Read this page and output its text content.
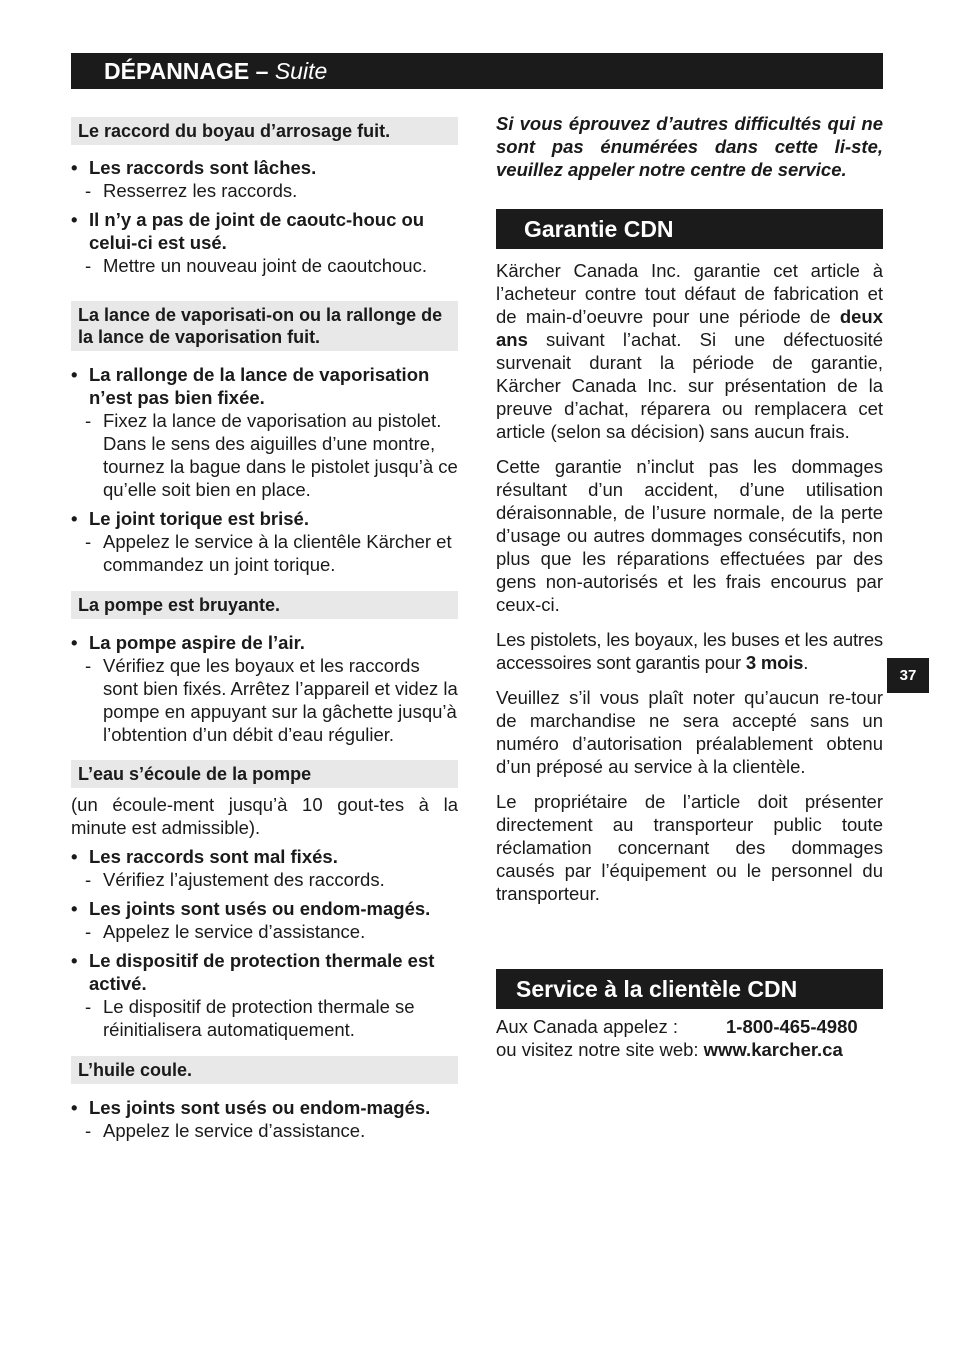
DÉPANNAGE – Suite
Le raccord du boyau d’arrosage fuit.
• Les raccords sont lâches.
- Resserrez les raccords.
• Il n’y a pas de joint de caoutc-houc ou celui-ci est usé.
- Mettre un nouveau joint de caoutchouc.
La lance de vaporisati-on ou la rallonge de la lance de vaporisation fuit.
• La rallonge de la lance de vaporisation n’est pas bien fixée.
- Fixez la lance de vaporisation au pistolet. Dans le sens des aiguilles d’une montre, tournez la bague dans le pistolet jusqu’à ce qu’elle soit bien en place.
• Le joint torique est brisé.
- Appelez le service à la clientêle Kärcher et commandez un joint torique.
La pompe est bruyante.
• La pompe aspire de l’air.
- Vérifiez que les boyaux et les raccords sont bien fixés. Arrêtez l’appareil et videz la pompe en appuyant sur la gâchette jusqu’à l’obtention d’un débit d’eau régulier.
L’eau s’écoule de la pompe
(un écoule-ment jusqu’à 10 gout-tes à la minute est admissible).
• Les raccords sont mal fixés.
- Vérifiez l’ajustement des raccords.
• Les joints sont usés ou endom-magés.
- Appelez le service d’assistance.
• Le dispositif de protection thermale est activé.
- Le dispositif de protection thermale se réinitialisera automatiquement.
L’huile coule.
• Les joints sont usés ou endom-magés.
- Appelez le service d’assistance.

Si vous éprouvez d’autres difficultés qui ne sont pas énumérées dans cette li-ste, veuillez appeler notre centre de service.

Garantie CDN

Kärcher Canada Inc. garantie cet article à l’acheteur contre tout défaut de fabrication et de main-d’oeuvre pour une période de deux ans suivant l’achat. Si une défectuosité survenait durant la période de garantie, Kärcher Canada Inc. sur présentation de la preuve d’achat, réparera ou remplacera cet article (selon sa décision) sans aucun frais.

Cette garantie n’inclut pas les dommages résultant d’un accident, d’une utilisation déraisonnable, de l’usure normale, de la perte d’usage ou autres dommages consécutifs, non plus que les réparations effectuées par des gens non-autorisés et les frais encourus par ceux-ci.

Les pistolets, les boyaux, les buses et les autres accessoires sont garantis pour 3 mois.

Veuillez s’il vous plaît noter qu’aucun re-tour de marchandise ne sera accepté sans un numéro d’autorisation préalablement obtenu d’un préposé au service à la clientèle.

Le propriétaire de l’article doit présenter directement au transporteur public toute réclamation concernant des dommages causés par l’équipement ou le personnel du transporteur.

Service à la clientèle CDN
Aux Canada appelez :	1-800-465-4980
ou visitez notre site web: www.karcher.ca
37
